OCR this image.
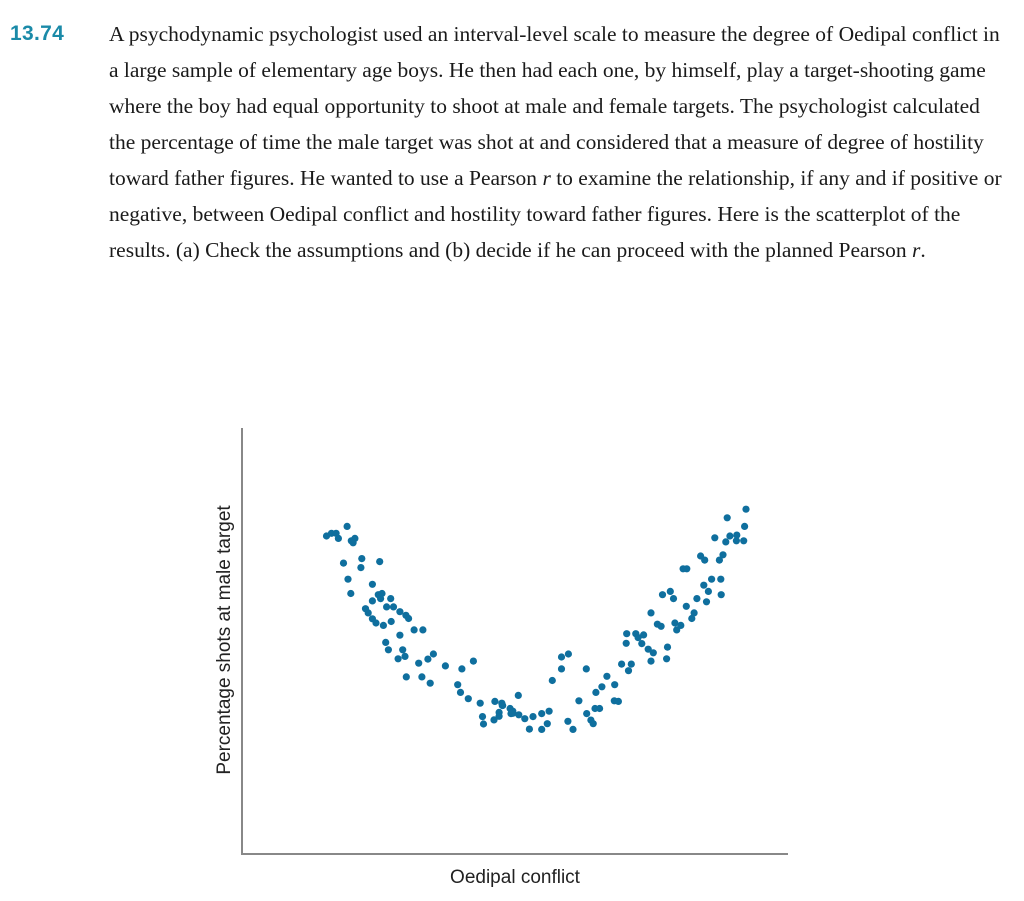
13.74 A psychodynamic psychologist used an interval-level scale to measure the degree of Oedipal conflict in a large sample of elementary age boys. He then had each one, by himself, play a target-shooting game where the boy had equal opportunity to shoot at male and female targets. The psychologist calculated the percentage of time the male target was shot at and considered that a measure of degree of hostility toward father figures. He wanted to use a Pearson r to examine the relationship, if any and if positive or negative, between Oedipal conflict and hostility toward father figures. Here is the scatterplot of the results. (a) Check the assumptions and (b) decide if he can proceed with the planned Pearson r.

Percentage shots at male target
Oedipal conflict
